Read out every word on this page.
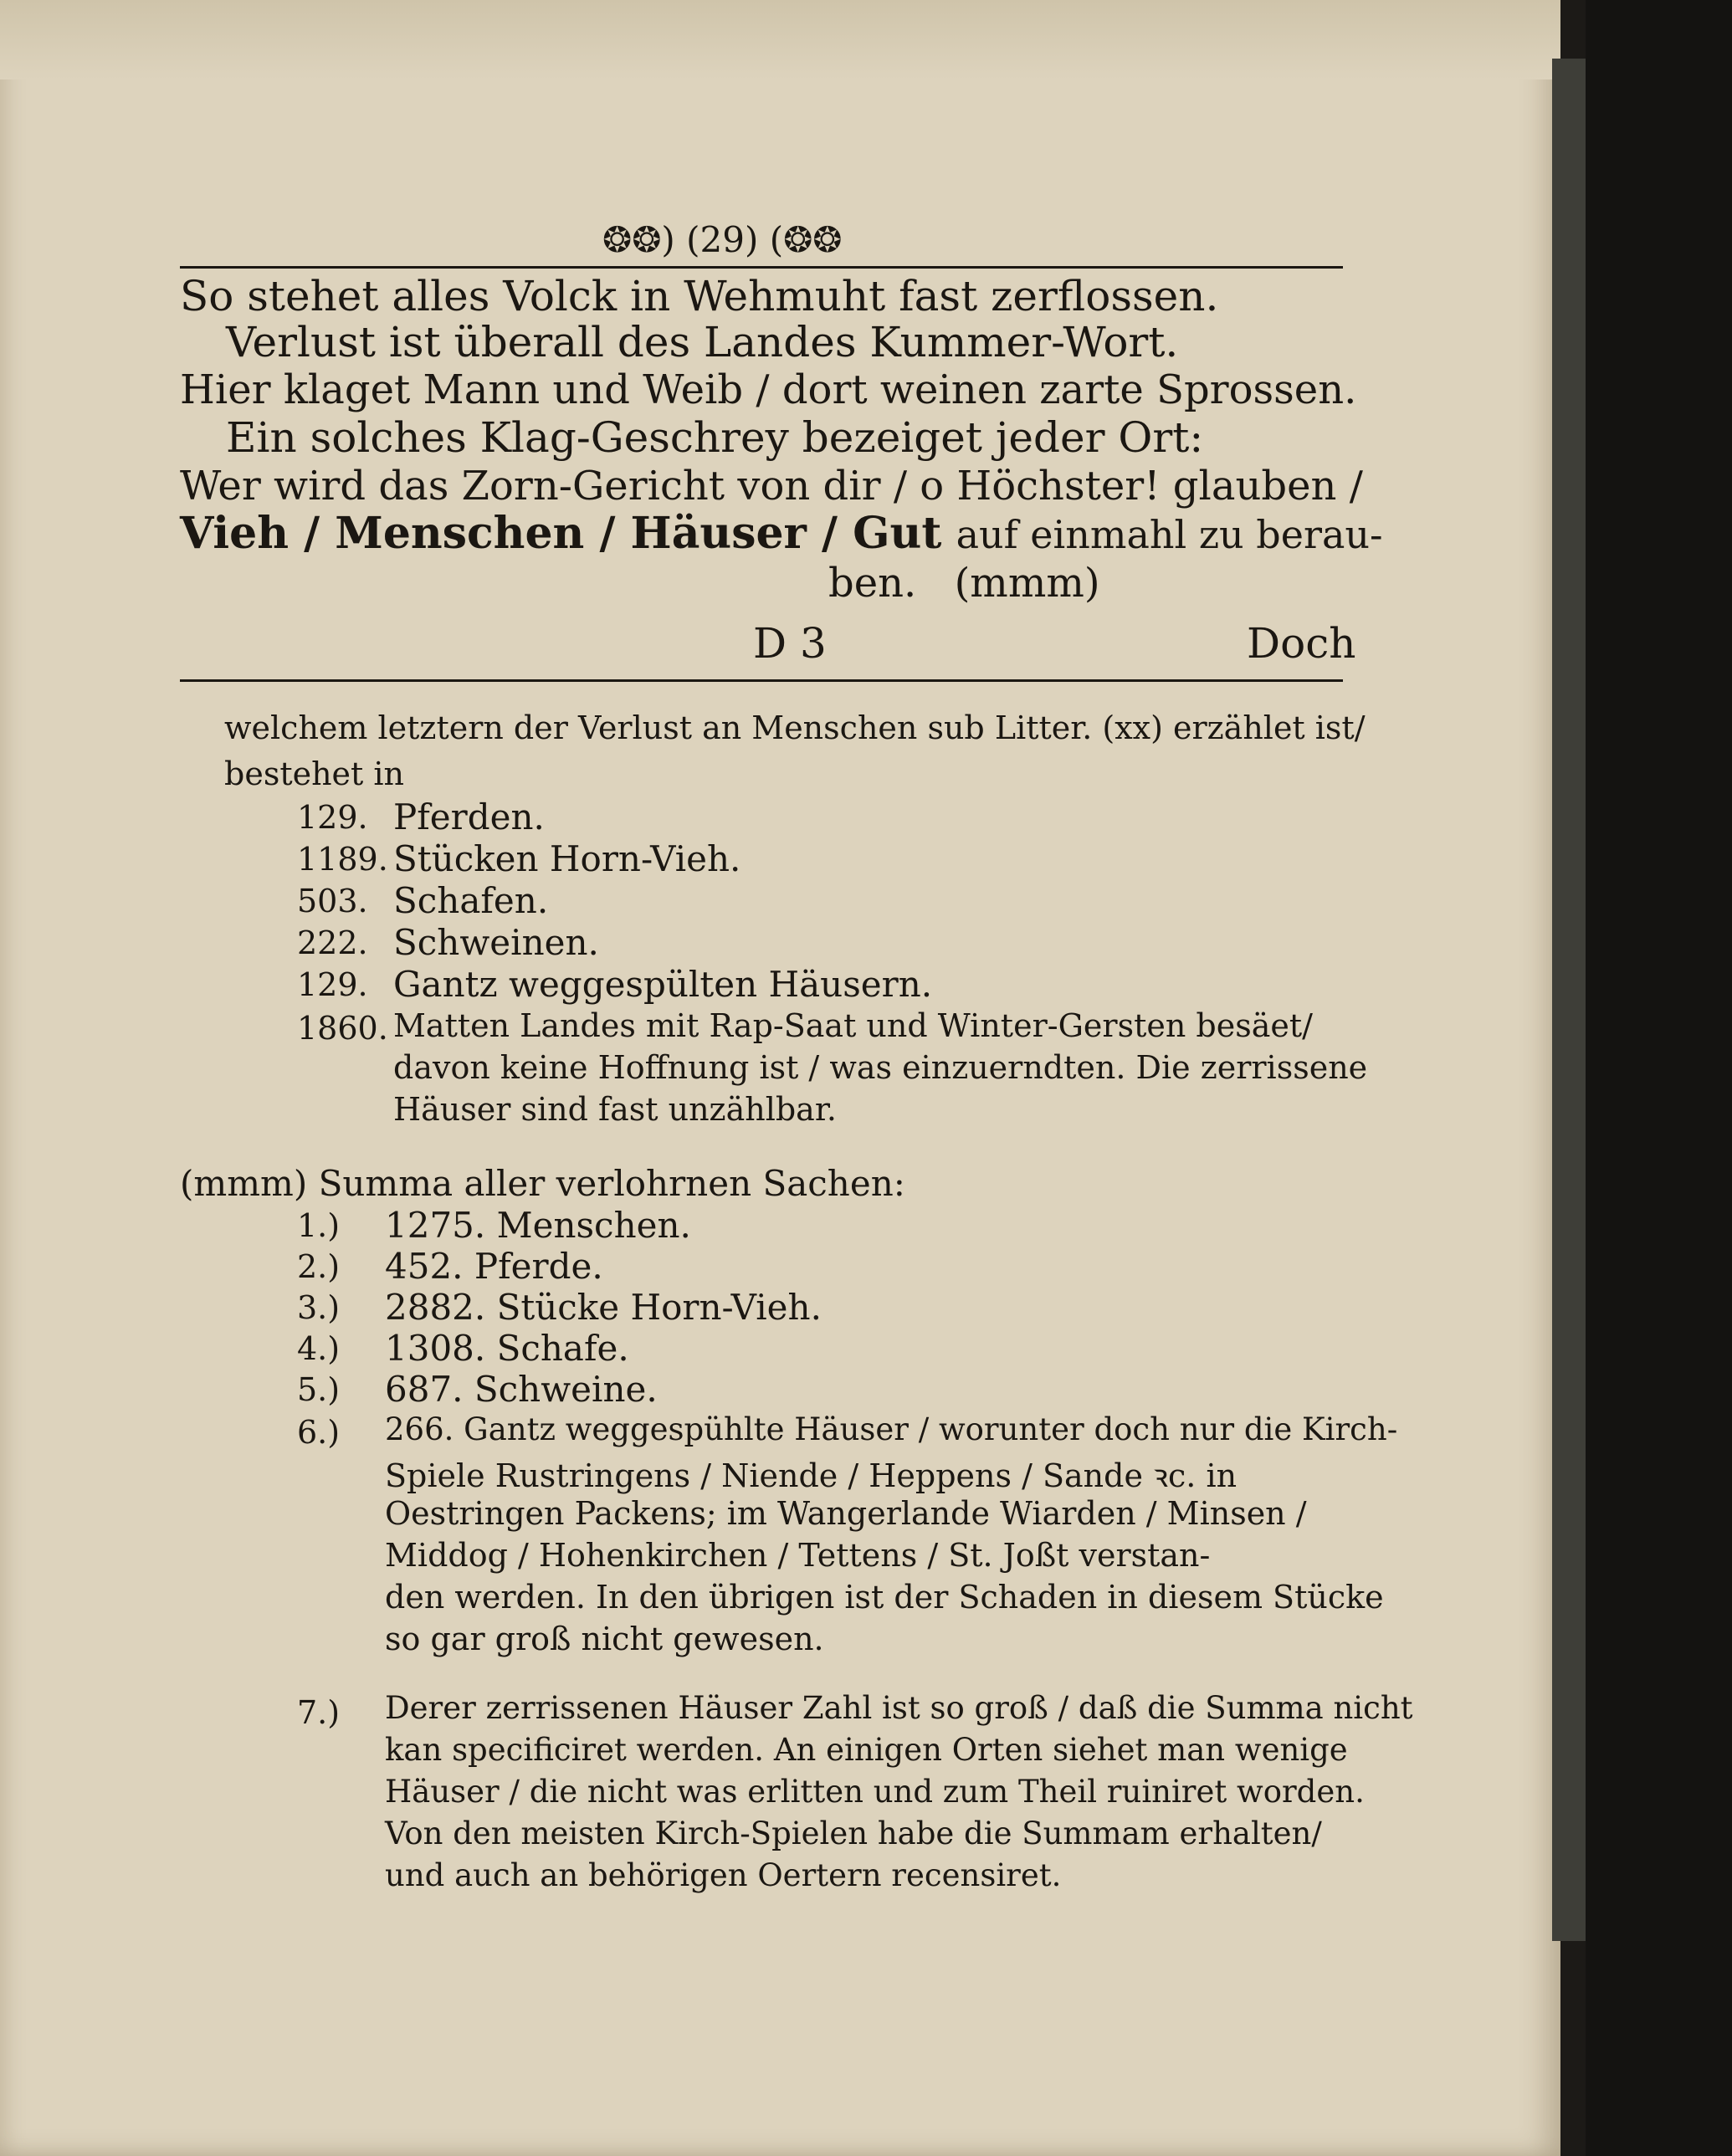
❂❂) (29) (❂❂
So stehet alles Volck in Wehmuht fast zerflossen.
Verlust ist überall des Landes Kummer-Wort.
Hier klaget Mann und Weib / dort weinen zarte Sprossen.
Ein solches Klag-Geschrey bezeiget jeder Ort:
Wer wird das Zorn-Gericht von dir / o Höchster! glauben /
Vieh / Menschen / Häuser / Gut auf einmahl zu berau-
ben. (mmm)
D 3	Doch
welchem letztern der Verlust an Menschen sub Litter. (xx) erzählet ist/
bestehet in
129. Pferden.
1189. Stücken Horn-Vieh.
503. Schafen.
222. Schweinen.
129. Gantz weggespülten Häusern.
1860. Matten Landes mit Rap-Saat und Winter-Gersten besäet/
davon keine Hoffnung ist / was einzuerndten. Die zerrissene
Häuser sind fast unzählbar.
(mmm) Summa aller verlohrnen Sachen:
1.) 1275. Menschen.
2.) 452. Pferde.
3.) 2882. Stücke Horn-Vieh.
4.) 1308. Schafe.
5.) 687. Schweine.
6.) 266. Gantz weggespühlte Häuser / worunter doch nur die Kirch-
Spiele Rustringens / Niende / Heppens / Sande ꝛc. in
Oestringen Packens; im Wangerlande Wiarden / Minsen /
Middog / Hohenkirchen / Tettens / St. Joßt verstan-
den werden. In den übrigen ist der Schaden in diesem Stücke
so gar groß nicht gewesen.
7.) Derer zerrissenen Häuser Zahl ist so groß / daß die Summa nicht
kan specificiret werden. An einigen Orten siehet man wenige
Häuser / die nicht was erlitten und zum Theil ruiniret worden.
Von den meisten Kirch-Spielen habe die Summam erhalten/
und auch an behörigen Oertern recensiret.
